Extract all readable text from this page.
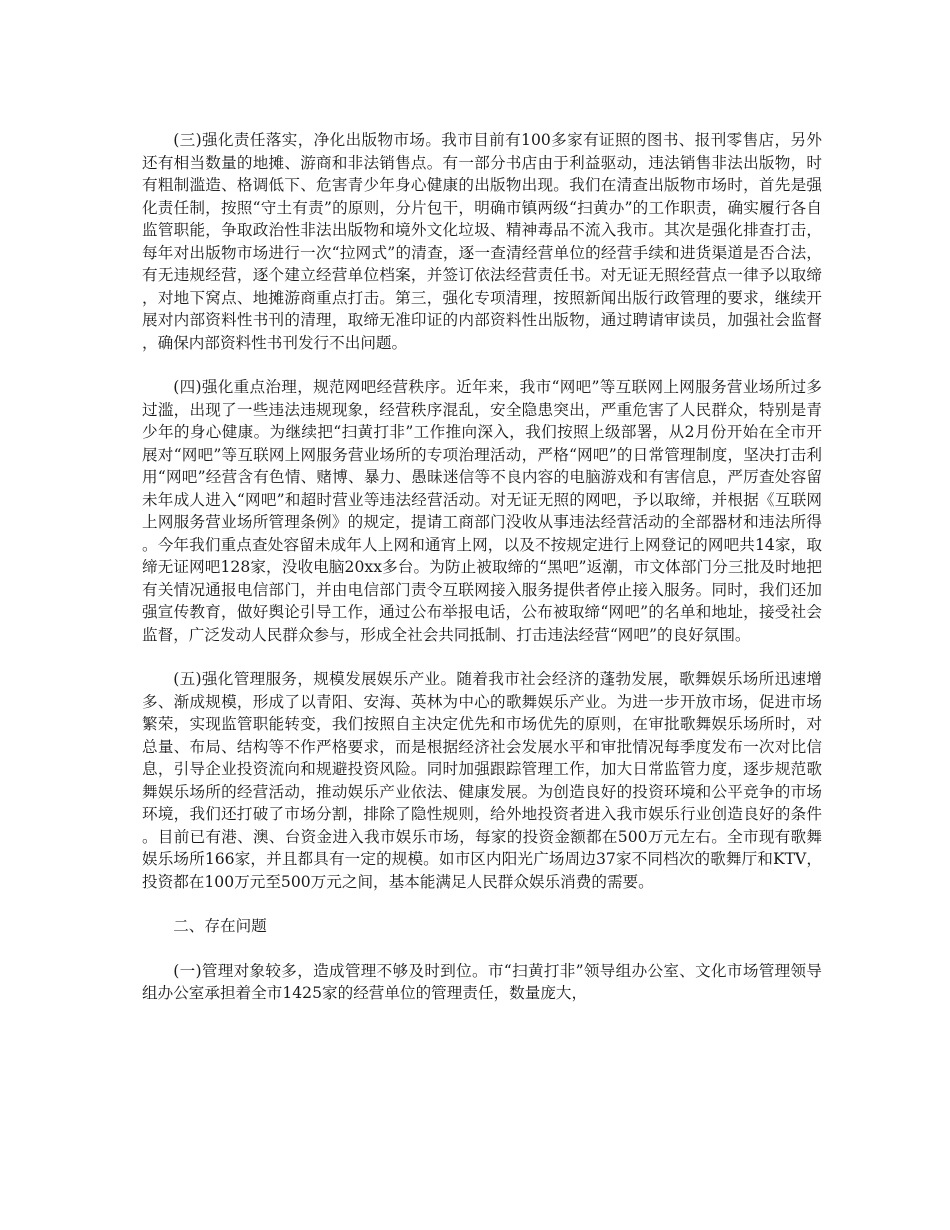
(三)强化责任落实，净化出版物市场。我市目前有100多家有证照的图书、报刊零售店，另外还有相当数量的地摊、游商和非法销售点。有一部分书店由于利益驱动，违法销售非法出版物，时有粗制滥造、格调低下、危害青少年身心健康的出版物出现。我们在清查出版物市场时，首先是强化责任制，按照“守土有责”的原则，分片包干，明确市镇两级“扫黄办”的工作职责，确实履行各自监管职能，争取政治性非法出版物和境外文化垃圾、精神毒品不流入我市。其次是强化排查打击，每年对出版物市场进行一次“拉网式”的清查，逐一查清经营单位的经营手续和进货渠道是否合法，有无违规经营，逐个建立经营单位档案，并签订依法经营责任书。对无证无照经营点一律予以取缔，对地下窝点、地摊游商重点打击。第三，强化专项清理，按照新闻出版行政管理的要求，继续开展对内部资料性书刊的清理，取缔无准印证的内部资料性出版物，通过聘请审读员，加强社会监督，确保内部资料性书刊发行不出问题。

(四)强化重点治理，规范网吧经营秩序。近年来，我市“网吧”等互联网上网服务营业场所过多过滥，出现了一些违法违规现象，经营秩序混乱，安全隐患突出，严重危害了人民群众，特别是青少年的身心健康。为继续把“扫黄打非”工作推向深入，我们按照上级部署，从2月份开始在全市开展对“网吧”等互联网上网服务营业场所的专项治理活动，严格“网吧”的日常管理制度，坚决打击利用“网吧”经营含有色情、赌博、暴力、愚昧迷信等不良内容的电脑游戏和有害信息，严厉查处容留未年成人进入“网吧”和超时营业等违法经营活动。对无证无照的网吧，予以取缔，并根据《互联网上网服务营业场所管理条例》的规定，提请工商部门没收从事违法经营活动的全部器材和违法所得。今年我们重点查处容留未成年人上网和通宵上网，以及不按规定进行上网登记的网吧共14家，取缔无证网吧128家，没收电脑20xx多台。为防止被取缔的“黑吧”返潮，市文体部门分三批及时地把有关情况通报电信部门，并由电信部门责令互联网接入服务提供者停止接入服务。同时，我们还加强宣传教育，做好舆论引导工作，通过公布举报电话，公布被取缔“网吧”的名单和地址，接受社会监督，广泛发动人民群众参与，形成全社会共同抵制、打击违法经营“网吧”的良好氛围。

(五)强化管理服务，规模发展娱乐产业。随着我市社会经济的蓬勃发展，歌舞娱乐场所迅速增多、渐成规模，形成了以青阳、安海、英林为中心的歌舞娱乐产业。为进一步开放市场，促进市场繁荣，实现监管职能转变，我们按照自主决定优先和市场优先的原则，在审批歌舞娱乐场所时，对总量、布局、结构等不作严格要求，而是根据经济社会发展水平和审批情况每季度发布一次对比信息，引导企业投资流向和规避投资风险。同时加强跟踪管理工作，加大日常监管力度，逐步规范歌舞娱乐场所的经营活动，推动娱乐产业依法、健康发展。为创造良好的投资环境和公平竞争的市场环境，我们还打破了市场分割，排除了隐性规则，给外地投资者进入我市娱乐行业创造良好的条件。目前已有港、澳、台资金进入我市娱乐市场，每家的投资金额都在500万元左右。全市现有歌舞娱乐场所166家，并且都具有一定的规模。如市区内阳光广场周边37家不同档次的歌舞厅和KTV，投资都在100万元至500万元之间，基本能满足人民群众娱乐消费的需要。

二、存在问题

(一)管理对象较多，造成管理不够及时到位。市“扫黄打非”领导组办公室、文化市场管理领导组办公室承担着全市1425家的经营单位的管理责任，数量庞大，
